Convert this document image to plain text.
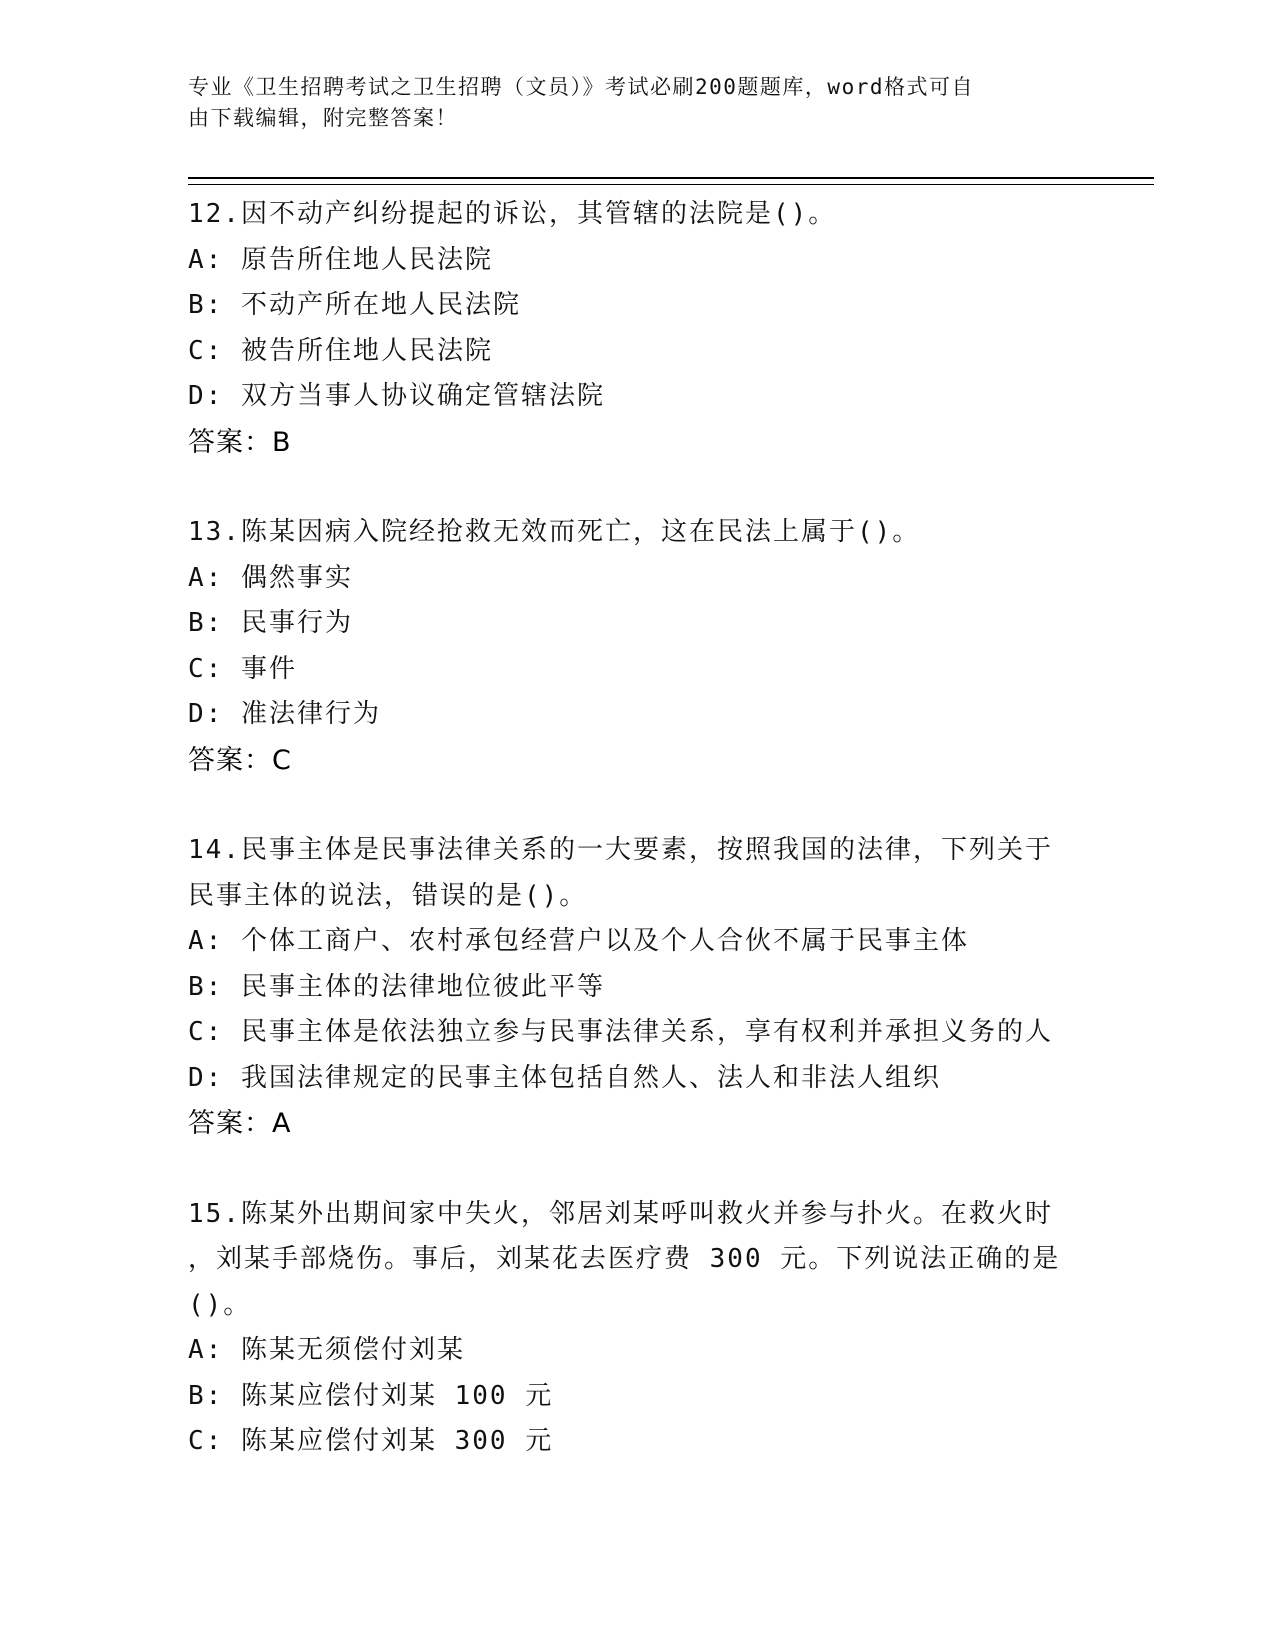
专业《卫生招聘考试之卫生招聘（文员）》考试必刷200题题库，word格式可自
由下载编辑，附完整答案！

12.因不动产纠纷提起的诉讼，其管辖的法院是()。

A: 原告所住地人民法院

B: 不动产所在地人民法院

C: 被告所住地人民法院

D: 双方当事人协议确定管辖法院

答案：B

13.陈某因病入院经抢救无效而死亡，这在民法上属于()。

A: 偶然事实

B: 民事行为

C: 事件

D: 准法律行为

答案：C

14.民事主体是民事法律关系的一大要素，按照我国的法律，下列关于

民事主体的说法，错误的是()。

A: 个体工商户、农村承包经营户以及个人合伙不属于民事主体

B: 民事主体的法律地位彼此平等

C: 民事主体是依法独立参与民事法律关系，享有权利并承担义务的人

D: 我国法律规定的民事主体包括自然人、法人和非法人组织

答案：A

15.陈某外出期间家中失火，邻居刘某呼叫救火并参与扑火。在救火时

，刘某手部烧伤。事后，刘某花去医疗费 300 元。下列说法正确的是

()。

A: 陈某无须偿付刘某

B: 陈某应偿付刘某 100 元

C: 陈某应偿付刘某 300 元
